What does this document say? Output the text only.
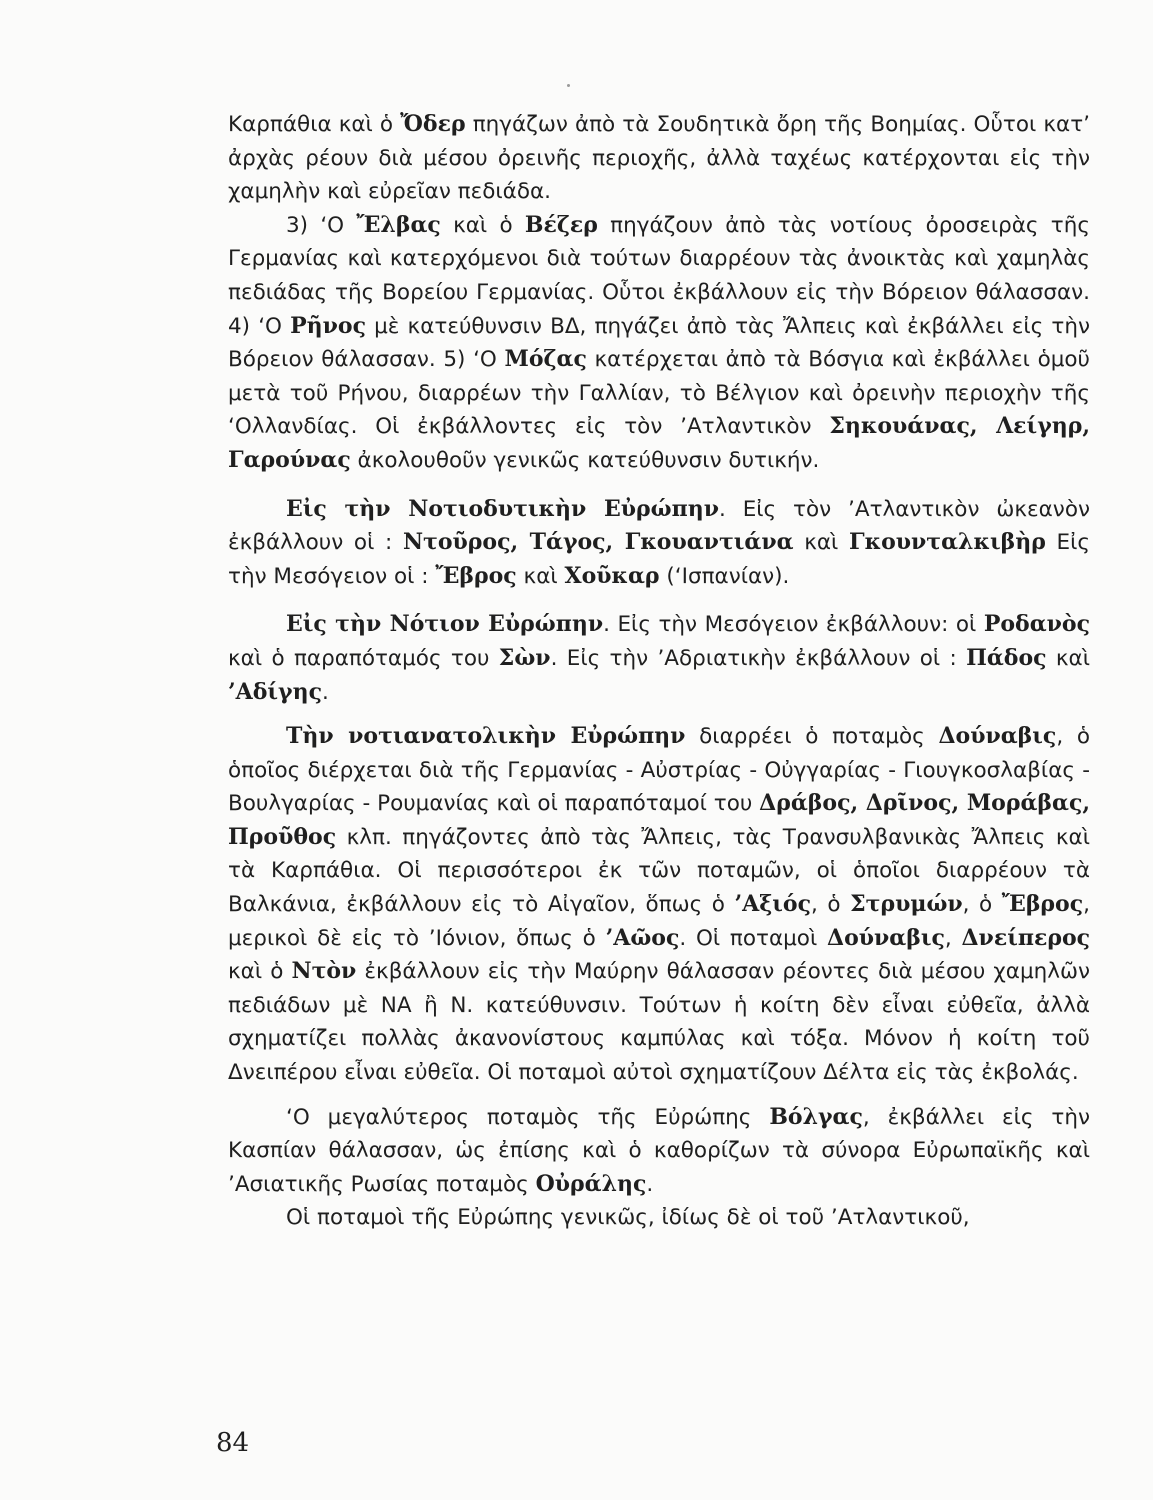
Καρπάθια καὶ ὁ Ὄδερ πηγάζων ἀπὸ τὰ Σουδητικὰ ὄρη τῆς Βοημίας. Οὗτοι κατ’ ἀρχὰς ρέουν διὰ μέσου ὀρεινῆς περιοχῆς, ἀλλὰ ταχέως κατέρχονται εἰς τὴν χαμηλὴν καὶ εὐρεῖαν πεδιάδα.

3) ‘Ο Ἔλβας καὶ ὁ Βέζερ πηγάζουν ἀπὸ τὰς νοτίους ὀροσειρὰς τῆς Γερμανίας καὶ κατερχόμενοι διὰ τούτων διαρρέουν τὰς ἀνοικτὰς καὶ χαμηλὰς πεδιάδας τῆς Βορείου Γερμανίας. Οὗτοι ἐκβάλλουν εἰς τὴν Βόρειον θάλασσαν. 4) ‘Ο Ρῆνος μὲ κατεύθυνσιν ΒΔ, πηγάζει ἀπὸ τὰς Ἄλπεις καὶ ἐκβάλλει εἰς τὴν Βόρειον θάλασσαν. 5) ‘Ο Μόζας κατέρχεται ἀπὸ τὰ Βόσγια καὶ ἐκβάλλει ὁμοῦ μετὰ τοῦ Ρήνου, διαρρέων τὴν Γαλλίαν, τὸ Βέλγιον καὶ ὀρεινὴν περιοχὴν τῆς ‘Ολλανδίας. Οἱ ἐκβάλλοντες εἰς τὸν ’Ατλαντικὸν Σηκουάνας, Λείγηρ, Γαρούνας ἀκολουθοῦν γενικῶς κατεύθυνσιν δυτικήν.

Εἰς τὴν Νοτιοδυτικὴν Εὐρώπην. Εἰς τὸν ’Ατλαντικὸν ὠκεανὸν ἐκβάλλουν οἱ : Ντοῦρος, Τάγος, Γκουαντιάνα καὶ Γκουνταλκιβὴρ Εἰς τὴν Μεσόγειον οἱ : Ἔβρος καὶ Χοῦκαρ (‘Ισπανίαν).

Εἰς τὴν Νότιον Εὐρώπην. Εἰς τὴν Μεσόγειον ἐκβάλλουν: οἱ Ροδανὸς καὶ ὁ παραπόταμός του Σὼν. Εἰς τὴν ’Αδριατικὴν ἐκβάλλουν οἱ : Πάδος καὶ ’Αδίγης.

Τὴν νοτιανατολικὴν Εὐρώπην διαρρέει ὁ ποταμὸς Δούναβις, ὁ ὁποῖος διέρχεται διὰ τῆς Γερμανίας - Αὐστρίας - Οὐγγαρίας - Γιουγκοσλαβίας - Βουλγαρίας - Ρουμανίας καὶ οἱ παραπόταμοί του Δράβος, Δρῖνος, Μοράβας, Προῦθος κλπ. πηγάζοντες ἀπὸ τὰς Ἄλπεις, τὰς Τρανσυλβανικὰς Ἄλπεις καὶ τὰ Καρπάθια. Οἱ περισσότεροι ἐκ τῶν ποταμῶν, οἱ ὁποῖοι διαρρέουν τὰ Βαλκάνια, ἐκβάλλουν εἰς τὸ Αἰγαῖον, ὅπως ὁ ’Αξιός, ὁ Στρυμών, ὁ Ἔβρος, μερικοὶ δὲ εἰς τὸ ’Ιόνιον, ὅπως ὁ ’Αῶος. Οἱ ποταμοὶ Δούναβις, Δνείπερος καὶ ὁ Ντὸν ἐκβάλλουν εἰς τὴν Μαύρην θάλασσαν ρέοντες διὰ μέσου χαμηλῶν πεδιάδων μὲ ΝΑ ἢ Ν. κατεύθυνσιν. Τούτων ἡ κοίτη δὲν εἶναι εὐθεῖα, ἀλλὰ σχηματίζει πολλὰς ἀκανονίστους καμπύλας καὶ τόξα. Μόνον ἡ κοίτη τοῦ Δνειπέρου εἶναι εὐθεῖα. Οἱ ποταμοὶ αὐτοὶ σχηματίζουν Δέλτα εἰς τὰς ἐκβολάς.

‘Ο μεγαλύτερος ποταμὸς τῆς Εὐρώπης Βόλγας, ἐκβάλλει εἰς τὴν Κασπίαν θάλασσαν, ὡς ἐπίσης καὶ ὁ καθορίζων τὰ σύνορα Εὐρωπαϊκῆς καὶ ’Ασιατικῆς Ρωσίας ποταμὸς Οὐράλης.

Οἱ ποταμοὶ τῆς Εὐρώπης γενικῶς, ἰδίως δὲ οἱ τοῦ ’Ατλαντικοῦ,

84
